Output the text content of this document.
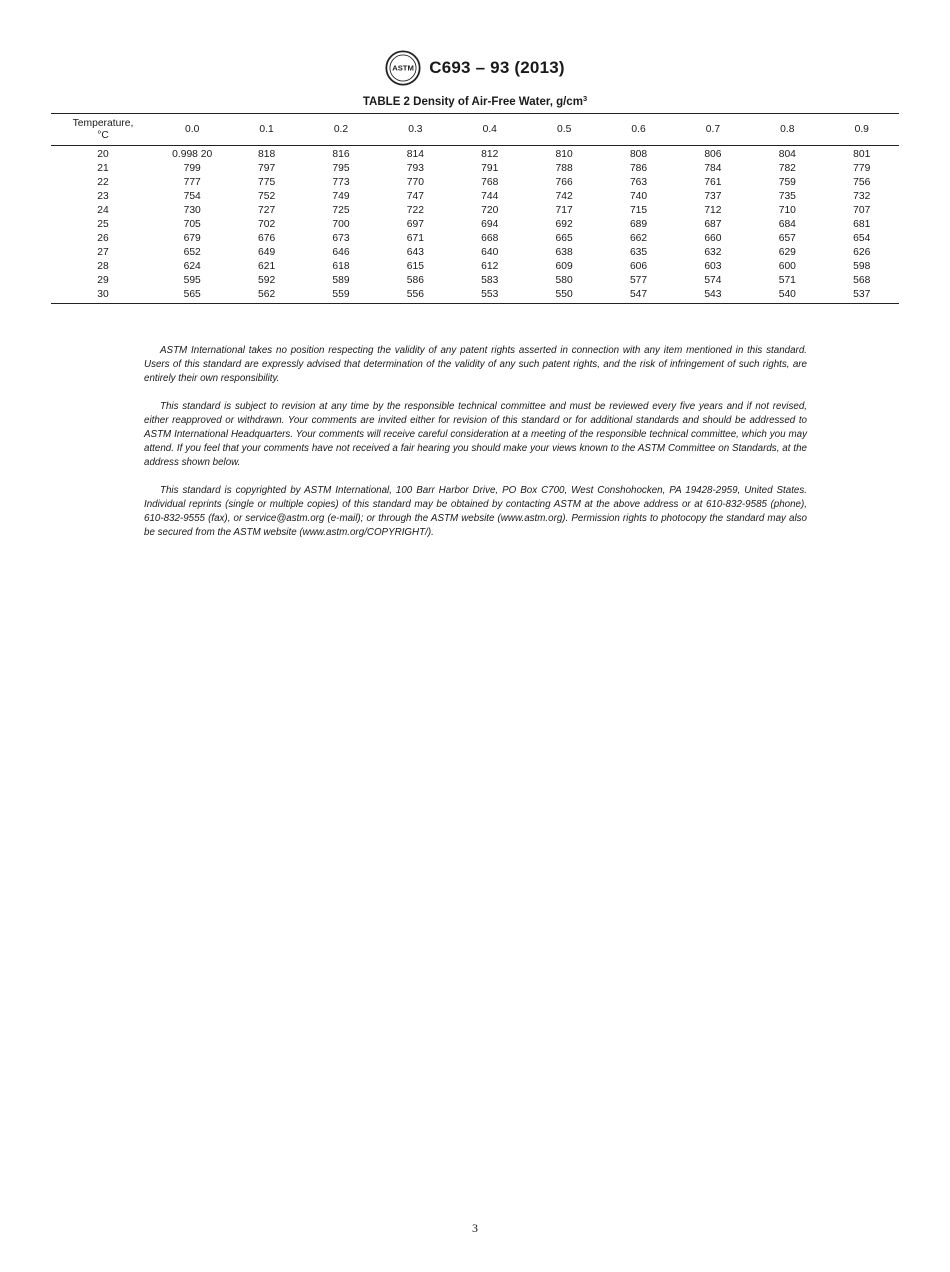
ASTM C693 – 93 (2013)
TABLE 2 Density of Air-Free Water, $g/cm^3$
Temperature,
°C	0.0	0.1	0.2	0.3	0.4	0.5	0.6	0.7	0.8	0.9
20	0.998 20	818	816	814	812	810	808	806	804	801
21	799	797	795	793	791	788	786	784	782	779
22	777	775	773	770	768	766	763	761	759	756
23	754	752	749	747	744	742	740	737	735	732
24	730	727	725	722	720	717	715	712	710	707
25	705	702	700	697	694	692	689	687	684	681
26	679	676	673	671	668	665	662	660	657	654
27	652	649	646	643	640	638	635	632	629	626
28	624	621	618	615	612	609	606	603	600	598
29	595	592	589	586	583	580	577	574	571	568
30	565	562	559	556	553	550	547	543	540	537

ASTM International takes no position respecting the validity of any patent rights asserted in connection with any item mentioned in this standard. Users of this standard are expressly advised that determination of the validity of any such patent rights, and the risk of infringement of such rights, are entirely their own responsibility.

This standard is subject to revision at any time by the responsible technical committee and must be reviewed every five years and if not revised, either reapproved or withdrawn. Your comments are invited either for revision of this standard or for additional standards and should be addressed to ASTM International Headquarters. Your comments will receive careful consideration at a meeting of the responsible technical committee, which you may attend. If you feel that your comments have not received a fair hearing you should make your views known to the ASTM Committee on Standards, at the address shown below.

This standard is copyrighted by ASTM International, 100 Barr Harbor Drive, PO Box C700, West Conshohocken, PA 19428-2959, United States. Individual reprints (single or multiple copies) of this standard may be obtained by contacting ASTM at the above address or at 610-832-9585 (phone), 610-832-9555 (fax), or service@astm.org (e-mail); or through the ASTM website (www.astm.org). Permission rights to photocopy the standard may also be secured from the ASTM website (www.astm.org/COPYRIGHT/).

3
